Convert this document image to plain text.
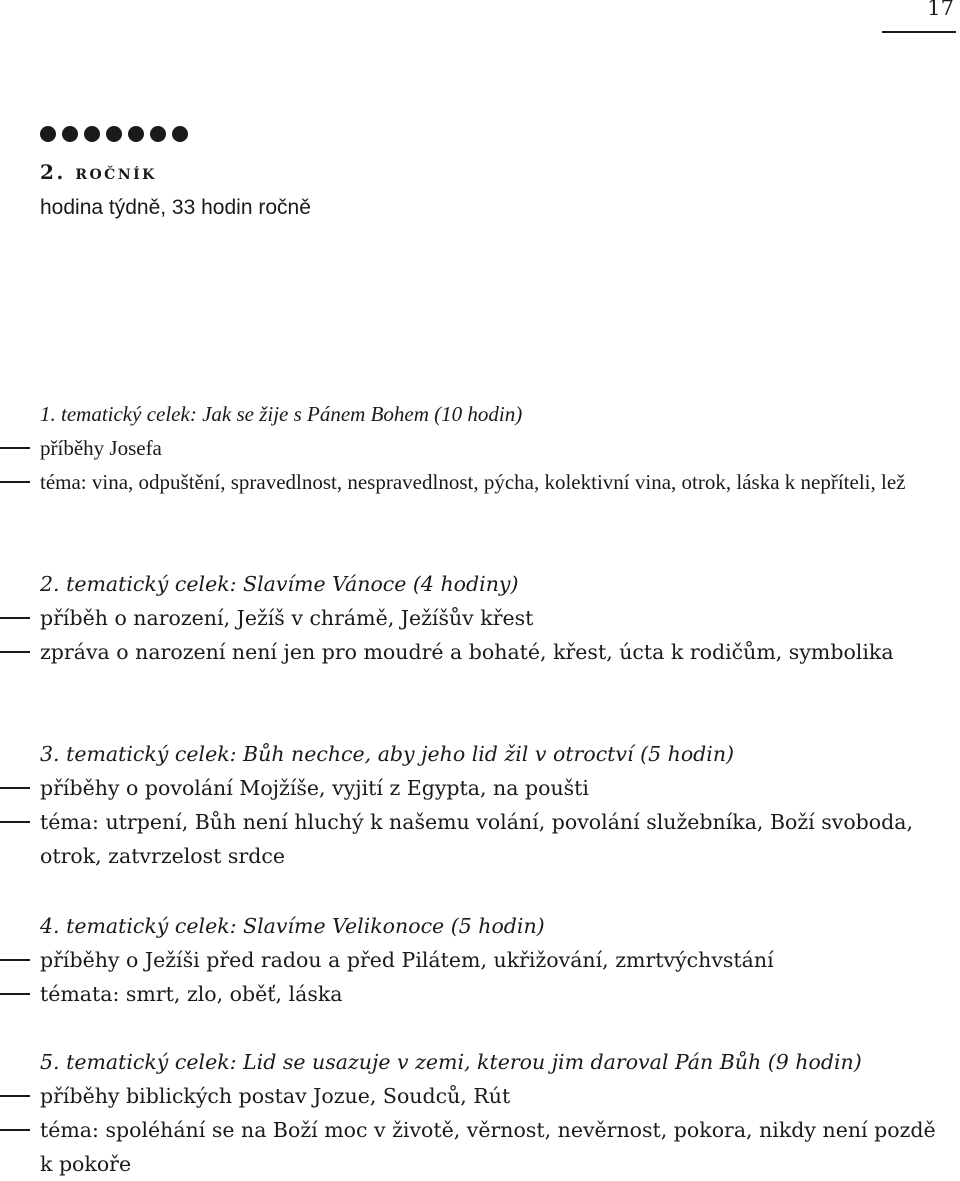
17
2. ročník
hodina týdně, 33 hodin ročně

1. tematický celek: Jak se žije s Pánem Bohem (10 hodin)

příběhy Josefa
téma: vina, odpuštění, spravedlnost, nespravedlnost, pýcha, kolektivní vina, otrok, láska k nepříteli, lež

2. tematický celek: Slavíme Vánoce (4 hodiny)

příběh o narození, Ježíš v chrámě, Ježíšův křest
zpráva o narození není jen pro moudré a bohaté, křest, úcta k rodičům, symbolika

3. tematický celek: Bůh nechce, aby jeho lid žil v otroctví (5 hodin)

příběhy o povolání Mojžíše, vyjití z Egypta, na poušti
téma: utrpení, Bůh není hluchý k našemu volání, povolání služebníka, Boží svoboda, otrok, zatvrzelost srdce

4. tematický celek: Slavíme Velikonoce (5 hodin)

příběhy o Ježíši před radou a před Pilátem, ukřižování, zmrtvýchvstání
témata: smrt, zlo, oběť, láska

5. tematický celek: Lid se usazuje v zemi, kterou jim daroval Pán Bůh (9 hodin)

příběhy biblických postav Jozue, Soudců, Rút
téma: spoléhání se na Boží moc v životě, věrnost, nevěrnost, pokora, nikdy není pozdě k pokoře
